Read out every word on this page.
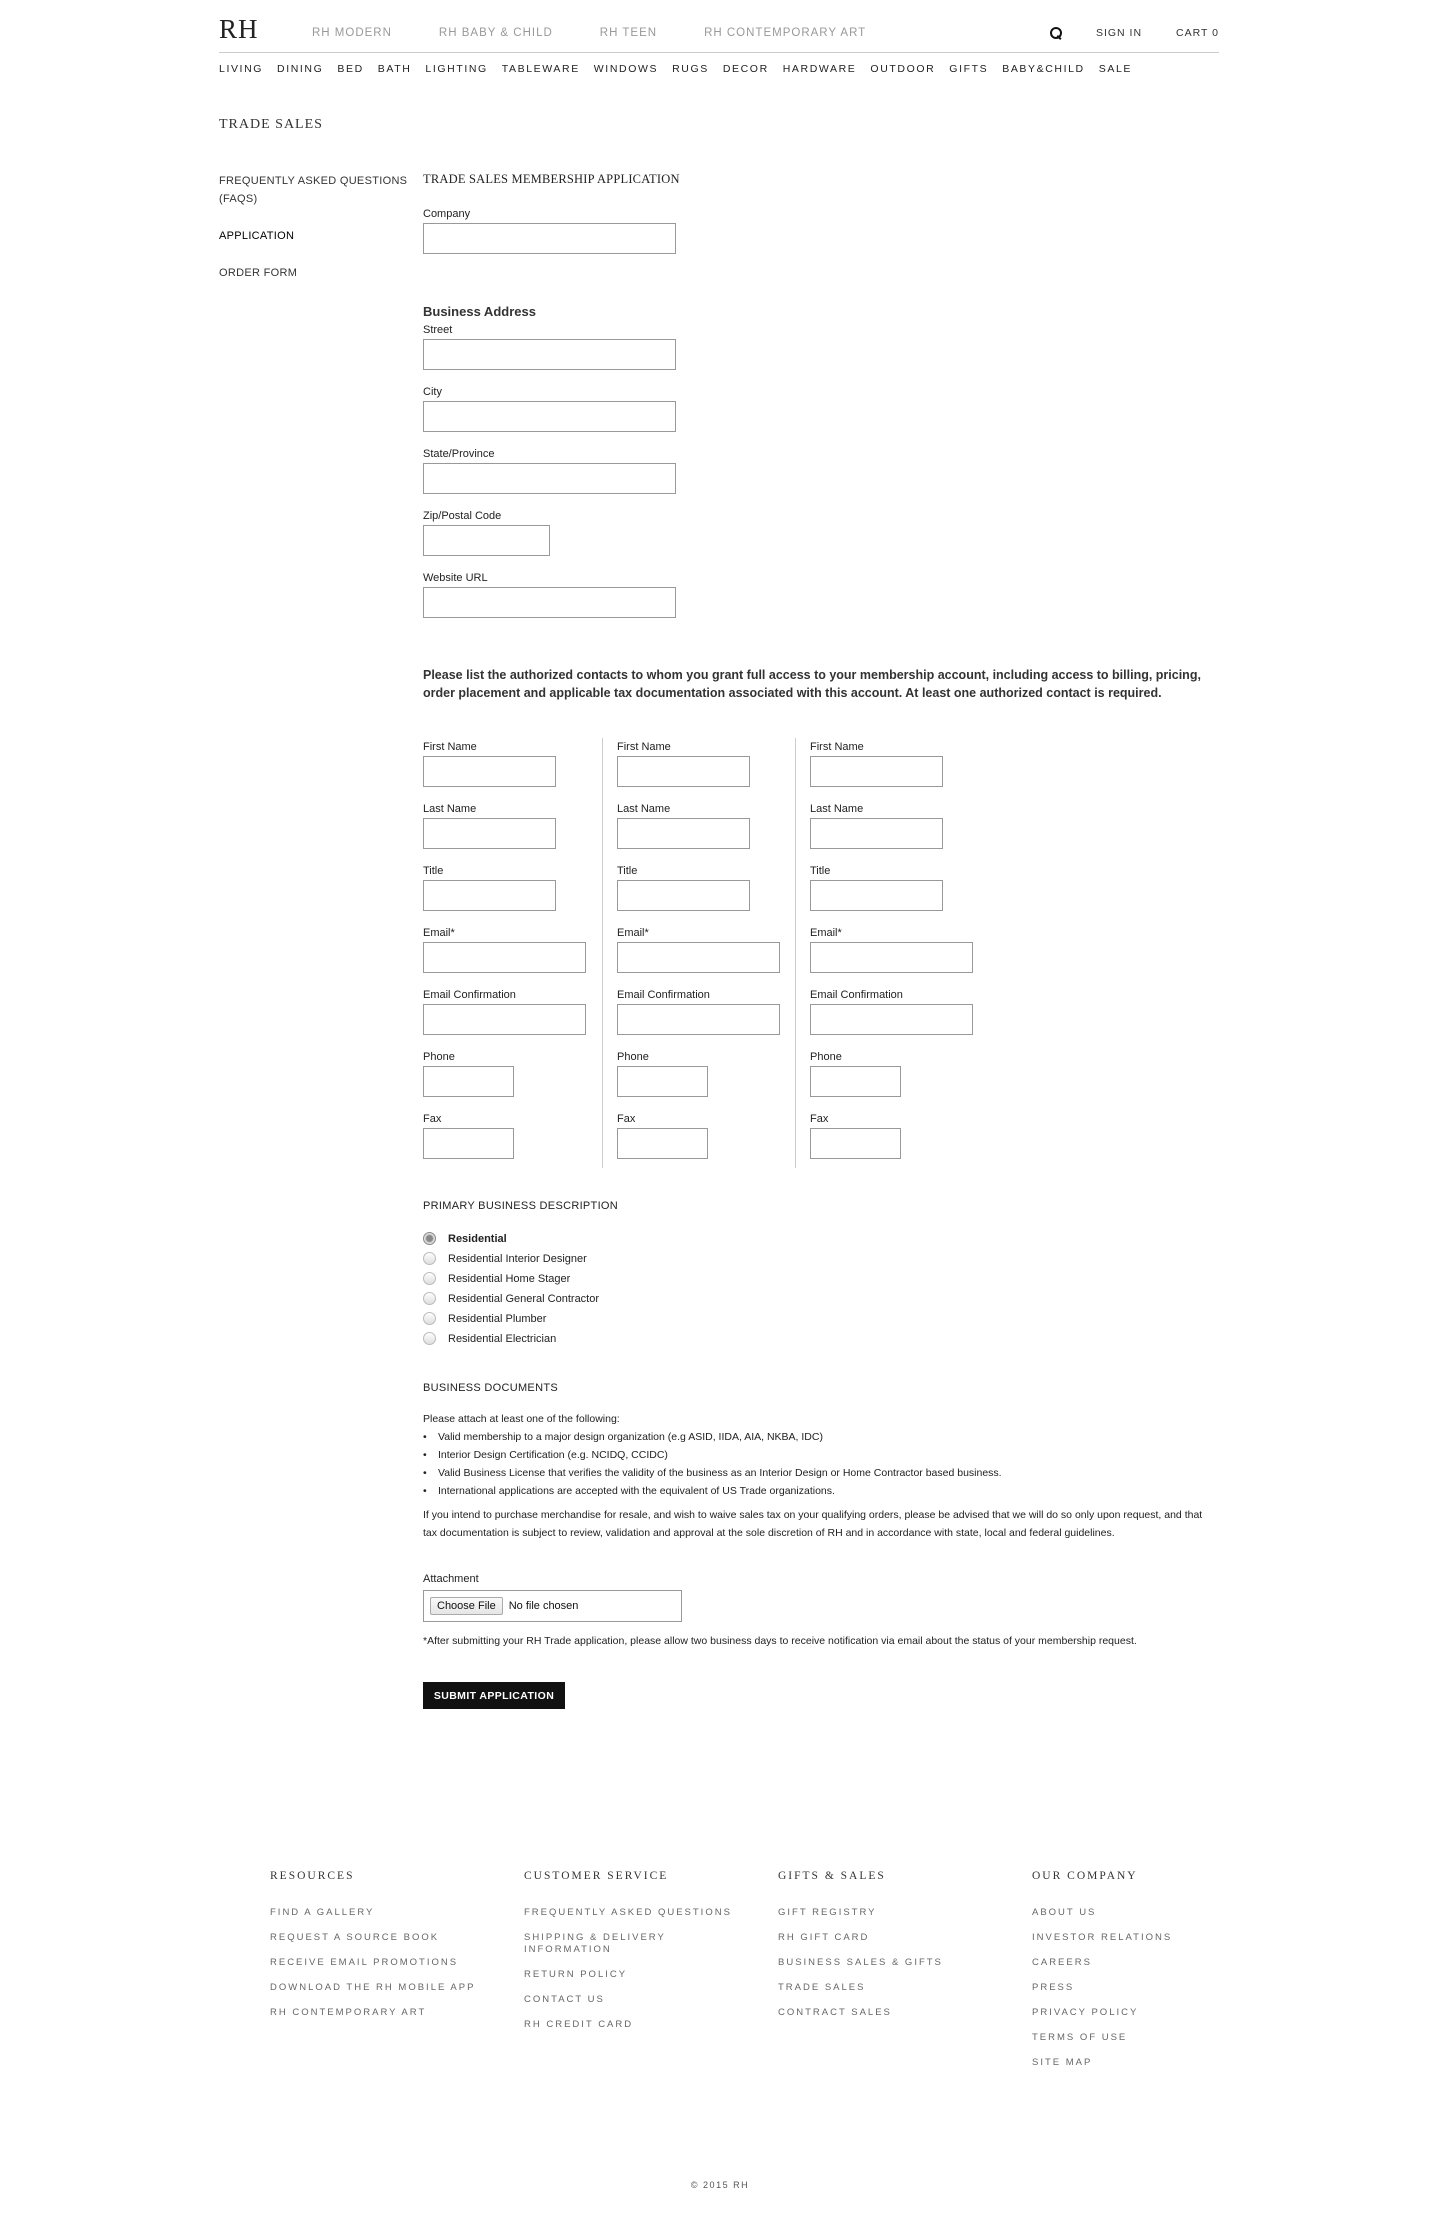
RH	RH MODERN	RH BABY & CHILD	RH TEEN	RH CONTEMPORARY ART	SIGN IN	CART 0
LIVING DINING BED BATH LIGHTING TABLEWARE WINDOWS RUGS DECOR HARDWARE OUTDOOR GIFTS BABY&CHILD SALE
TRADE SALES
FREQUENTLY ASKED QUESTIONS (FAQS)
APPLICATION
ORDER FORM
TRADE SALES MEMBERSHIP APPLICATION
Company
Business Address
Street
City
State/Province
Zip/Postal Code
Website URL
Please list the authorized contacts to whom you grant full access to your membership account, including access to billing, pricing, order placement and applicable tax documentation associated with this account. At least one authorized contact is required.
First Name
Last Name
Title
Email*
Email Confirmation
Phone
Fax
First Name
Last Name
Title
Email*
Email Confirmation
Phone
Fax
First Name
Last Name
Title
Email*
Email Confirmation
Phone
Fax
PRIMARY BUSINESS DESCRIPTION
Residential
Residential Interior Designer
Residential Home Stager
Residential General Contractor
Residential Plumber
Residential Electrician
BUSINESS DOCUMENTS
Please attach at least one of the following:
• Valid membership to a major design organization (e.g ASID, IIDA, AIA, NKBA, IDC)
• Interior Design Certification (e.g. NCIDQ, CCIDC)
• Valid Business License that verifies the validity of the business as an Interior Design or Home Contractor based business.
• International applications are accepted with the equivalent of US Trade organizations.
If you intend to purchase merchandise for resale, and wish to waive sales tax on your qualifying orders, please be advised that we will do so only upon request, and that tax documentation is subject to review, validation and approval at the sole discretion of RH and in accordance with state, local and federal guidelines.
Attachment
Choose File	No file chosen
*After submitting your RH Trade application, please allow two business days to receive notification via email about the status of your membership request.
SUBMIT APPLICATION
RESOURCES
FIND A GALLERY
REQUEST A SOURCE BOOK
RECEIVE EMAIL PROMOTIONS
DOWNLOAD THE RH MOBILE APP
RH CONTEMPORARY ART
CUSTOMER SERVICE
FREQUENTLY ASKED QUESTIONS
SHIPPING & DELIVERY INFORMATION
RETURN POLICY
CONTACT US
RH CREDIT CARD
GIFTS & SALES
GIFT REGISTRY
RH GIFT CARD
BUSINESS SALES & GIFTS
TRADE SALES
CONTRACT SALES
OUR COMPANY
ABOUT US
INVESTOR RELATIONS
CAREERS
PRESS
PRIVACY POLICY
TERMS OF USE
SITE MAP
© 2015 RH
